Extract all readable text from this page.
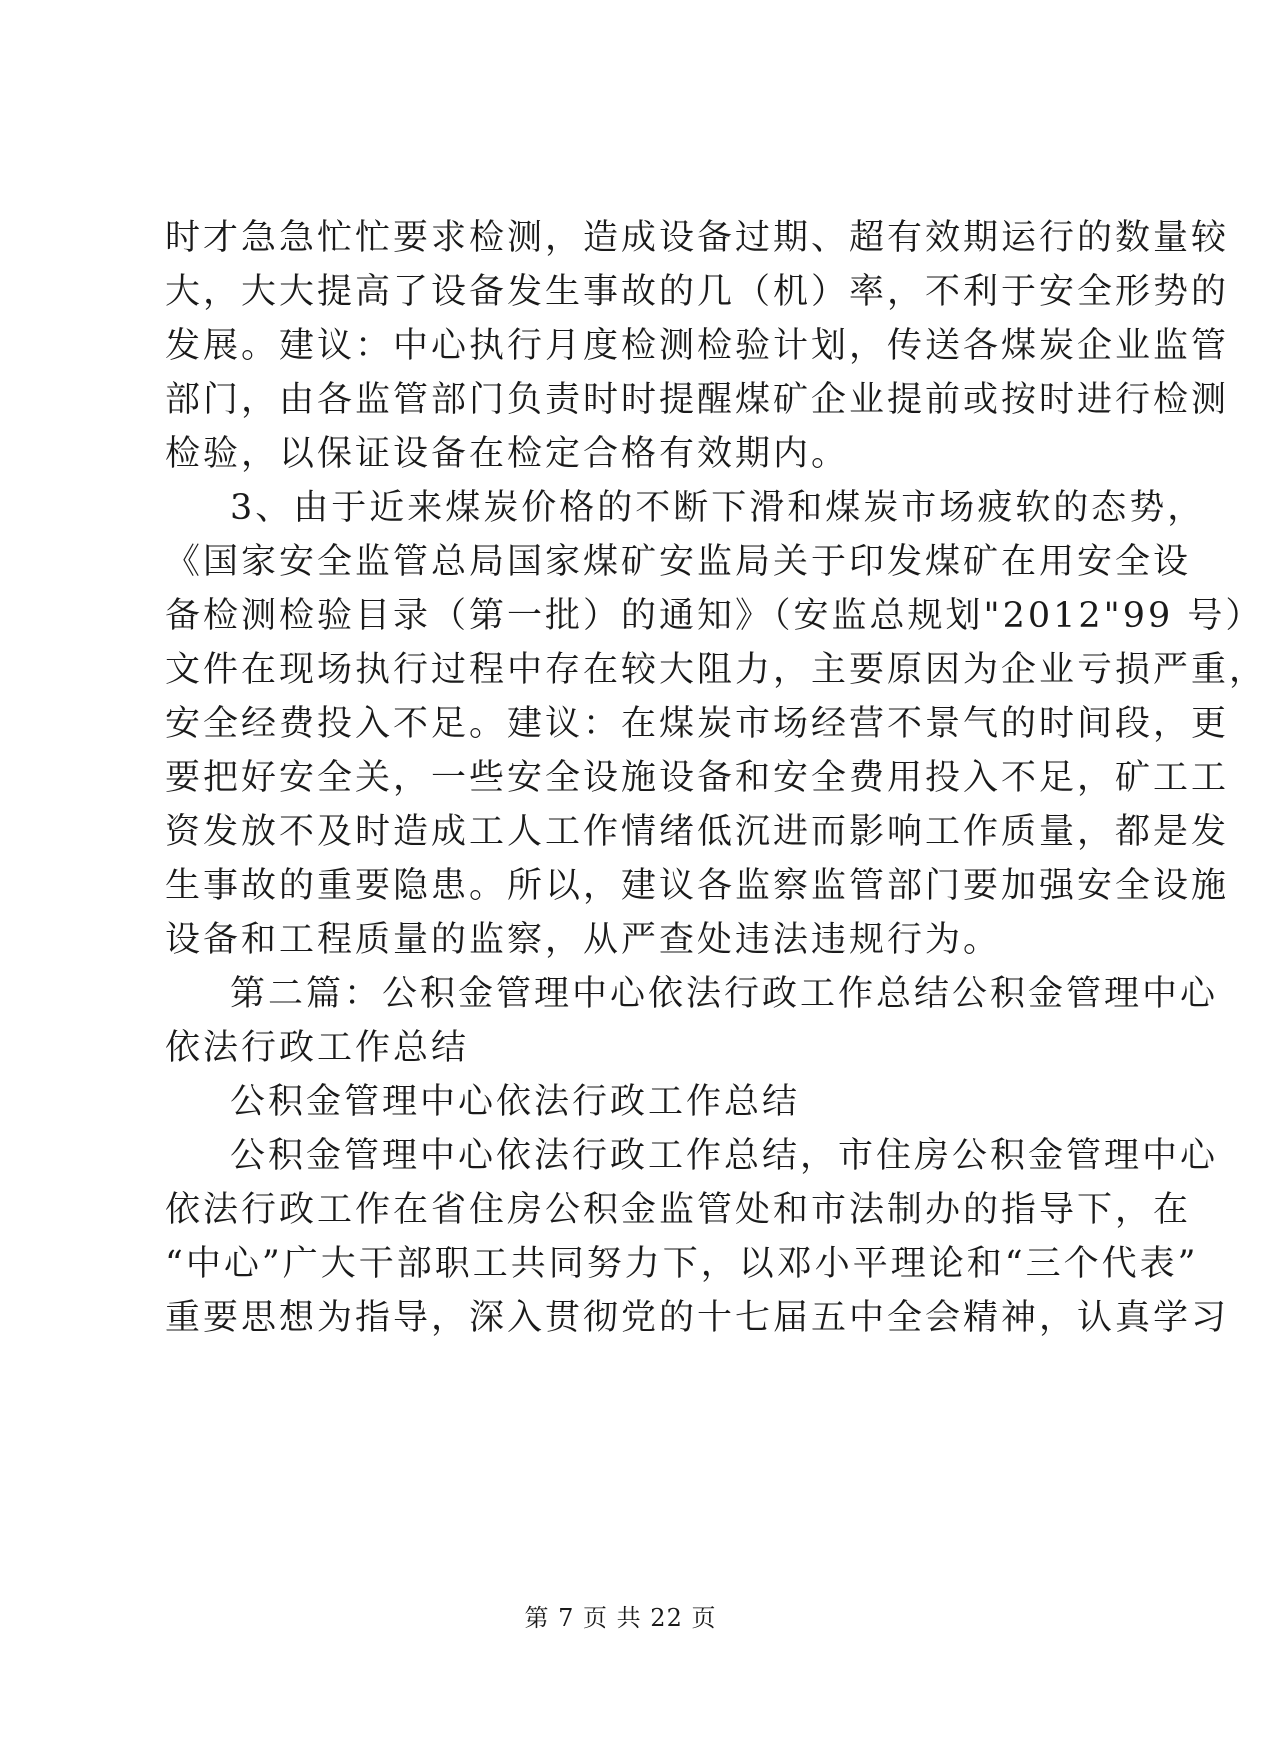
时才急急忙忙要求检测，造成设备过期、超有效期运行的数量较
大，大大提高了设备发生事故的几（机）率，不利于安全形势的
发展。建议：中心执行月度检测检验计划，传送各煤炭企业监管
部门，由各监管部门负责时时提醒煤矿企业提前或按时进行检测
检验，以保证设备在检定合格有效期内。
3、由于近来煤炭价格的不断下滑和煤炭市场疲软的态势，
《国家安全监管总局国家煤矿安监局关于印发煤矿在用安全设
备检测检验目录（第一批）的通知》（安监总规划"2012"99 号）
文件在现场执行过程中存在较大阻力，主要原因为企业亏损严重，
安全经费投入不足。建议：在煤炭市场经营不景气的时间段，更
要把好安全关，一些安全设施设备和安全费用投入不足，矿工工
资发放不及时造成工人工作情绪低沉进而影响工作质量，都是发
生事故的重要隐患。所以，建议各监察监管部门要加强安全设施
设备和工程质量的监察，从严查处违法违规行为。
第二篇：公积金管理中心依法行政工作总结公积金管理中心
依法行政工作总结
公积金管理中心依法行政工作总结
公积金管理中心依法行政工作总结，市住房公积金管理中心
依法行政工作在省住房公积金监管处和市法制办的指导下，在
“中心”广大干部职工共同努力下，以邓小平理论和“三个代表”
重要思想为指导，深入贯彻党的十七届五中全会精神，认真学习
第 7 页 共 22 页
